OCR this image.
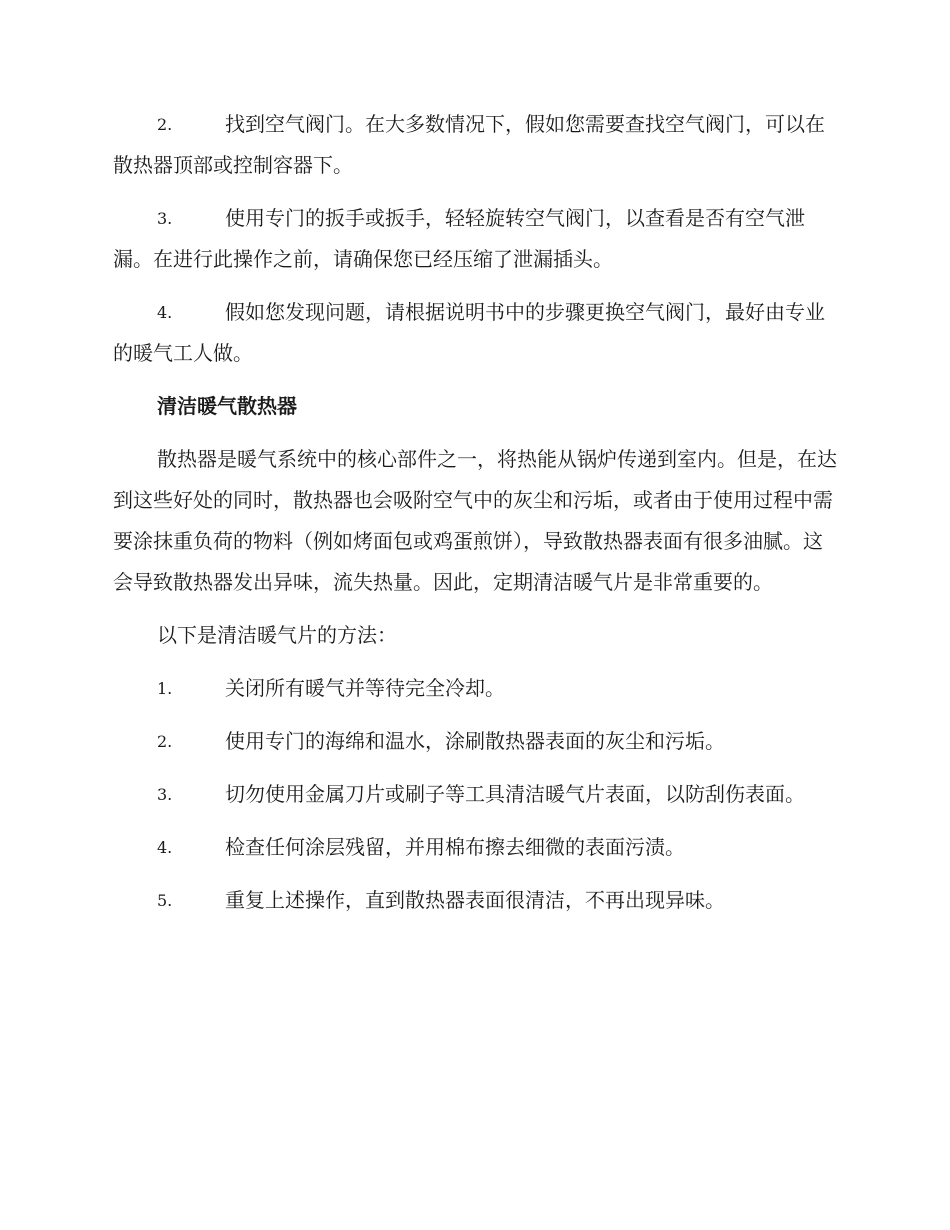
2.	找到空气阀门。在大多数情况下，假如您需要查找空气阀门，可以在散热器顶部或控制容器下。
3.	使用专门的扳手或扳手，轻轻旋转空气阀门，以查看是否有空气泄漏。在进行此操作之前，请确保您已经压缩了泄漏插头。
4.	假如您发现问题，请根据说明书中的步骤更换空气阀门，最好由专业的暖气工人做。
清洁暖气散热器
散热器是暖气系统中的核心部件之一，将热能从锅炉传递到室内。但是，在达到这些好处的同时，散热器也会吸附空气中的灰尘和污垢，或者由于使用过程中需要涂抹重负荷的物料（例如烤面包或鸡蛋煎饼），导致散热器表面有很多油腻。这会导致散热器发出异味，流失热量。因此，定期清洁暖气片是非常重要的。
以下是清洁暖气片的方法：
1.	关闭所有暖气并等待完全冷却。
2.	使用专门的海绵和温水，涂刷散热器表面的灰尘和污垢。
3.	切勿使用金属刀片或刷子等工具清洁暖气片表面，以防刮伤表面。
4.	检查任何涂层残留，并用棉布擦去细微的表面污渍。
5.	重复上述操作，直到散热器表面很清洁，不再出现异味。
